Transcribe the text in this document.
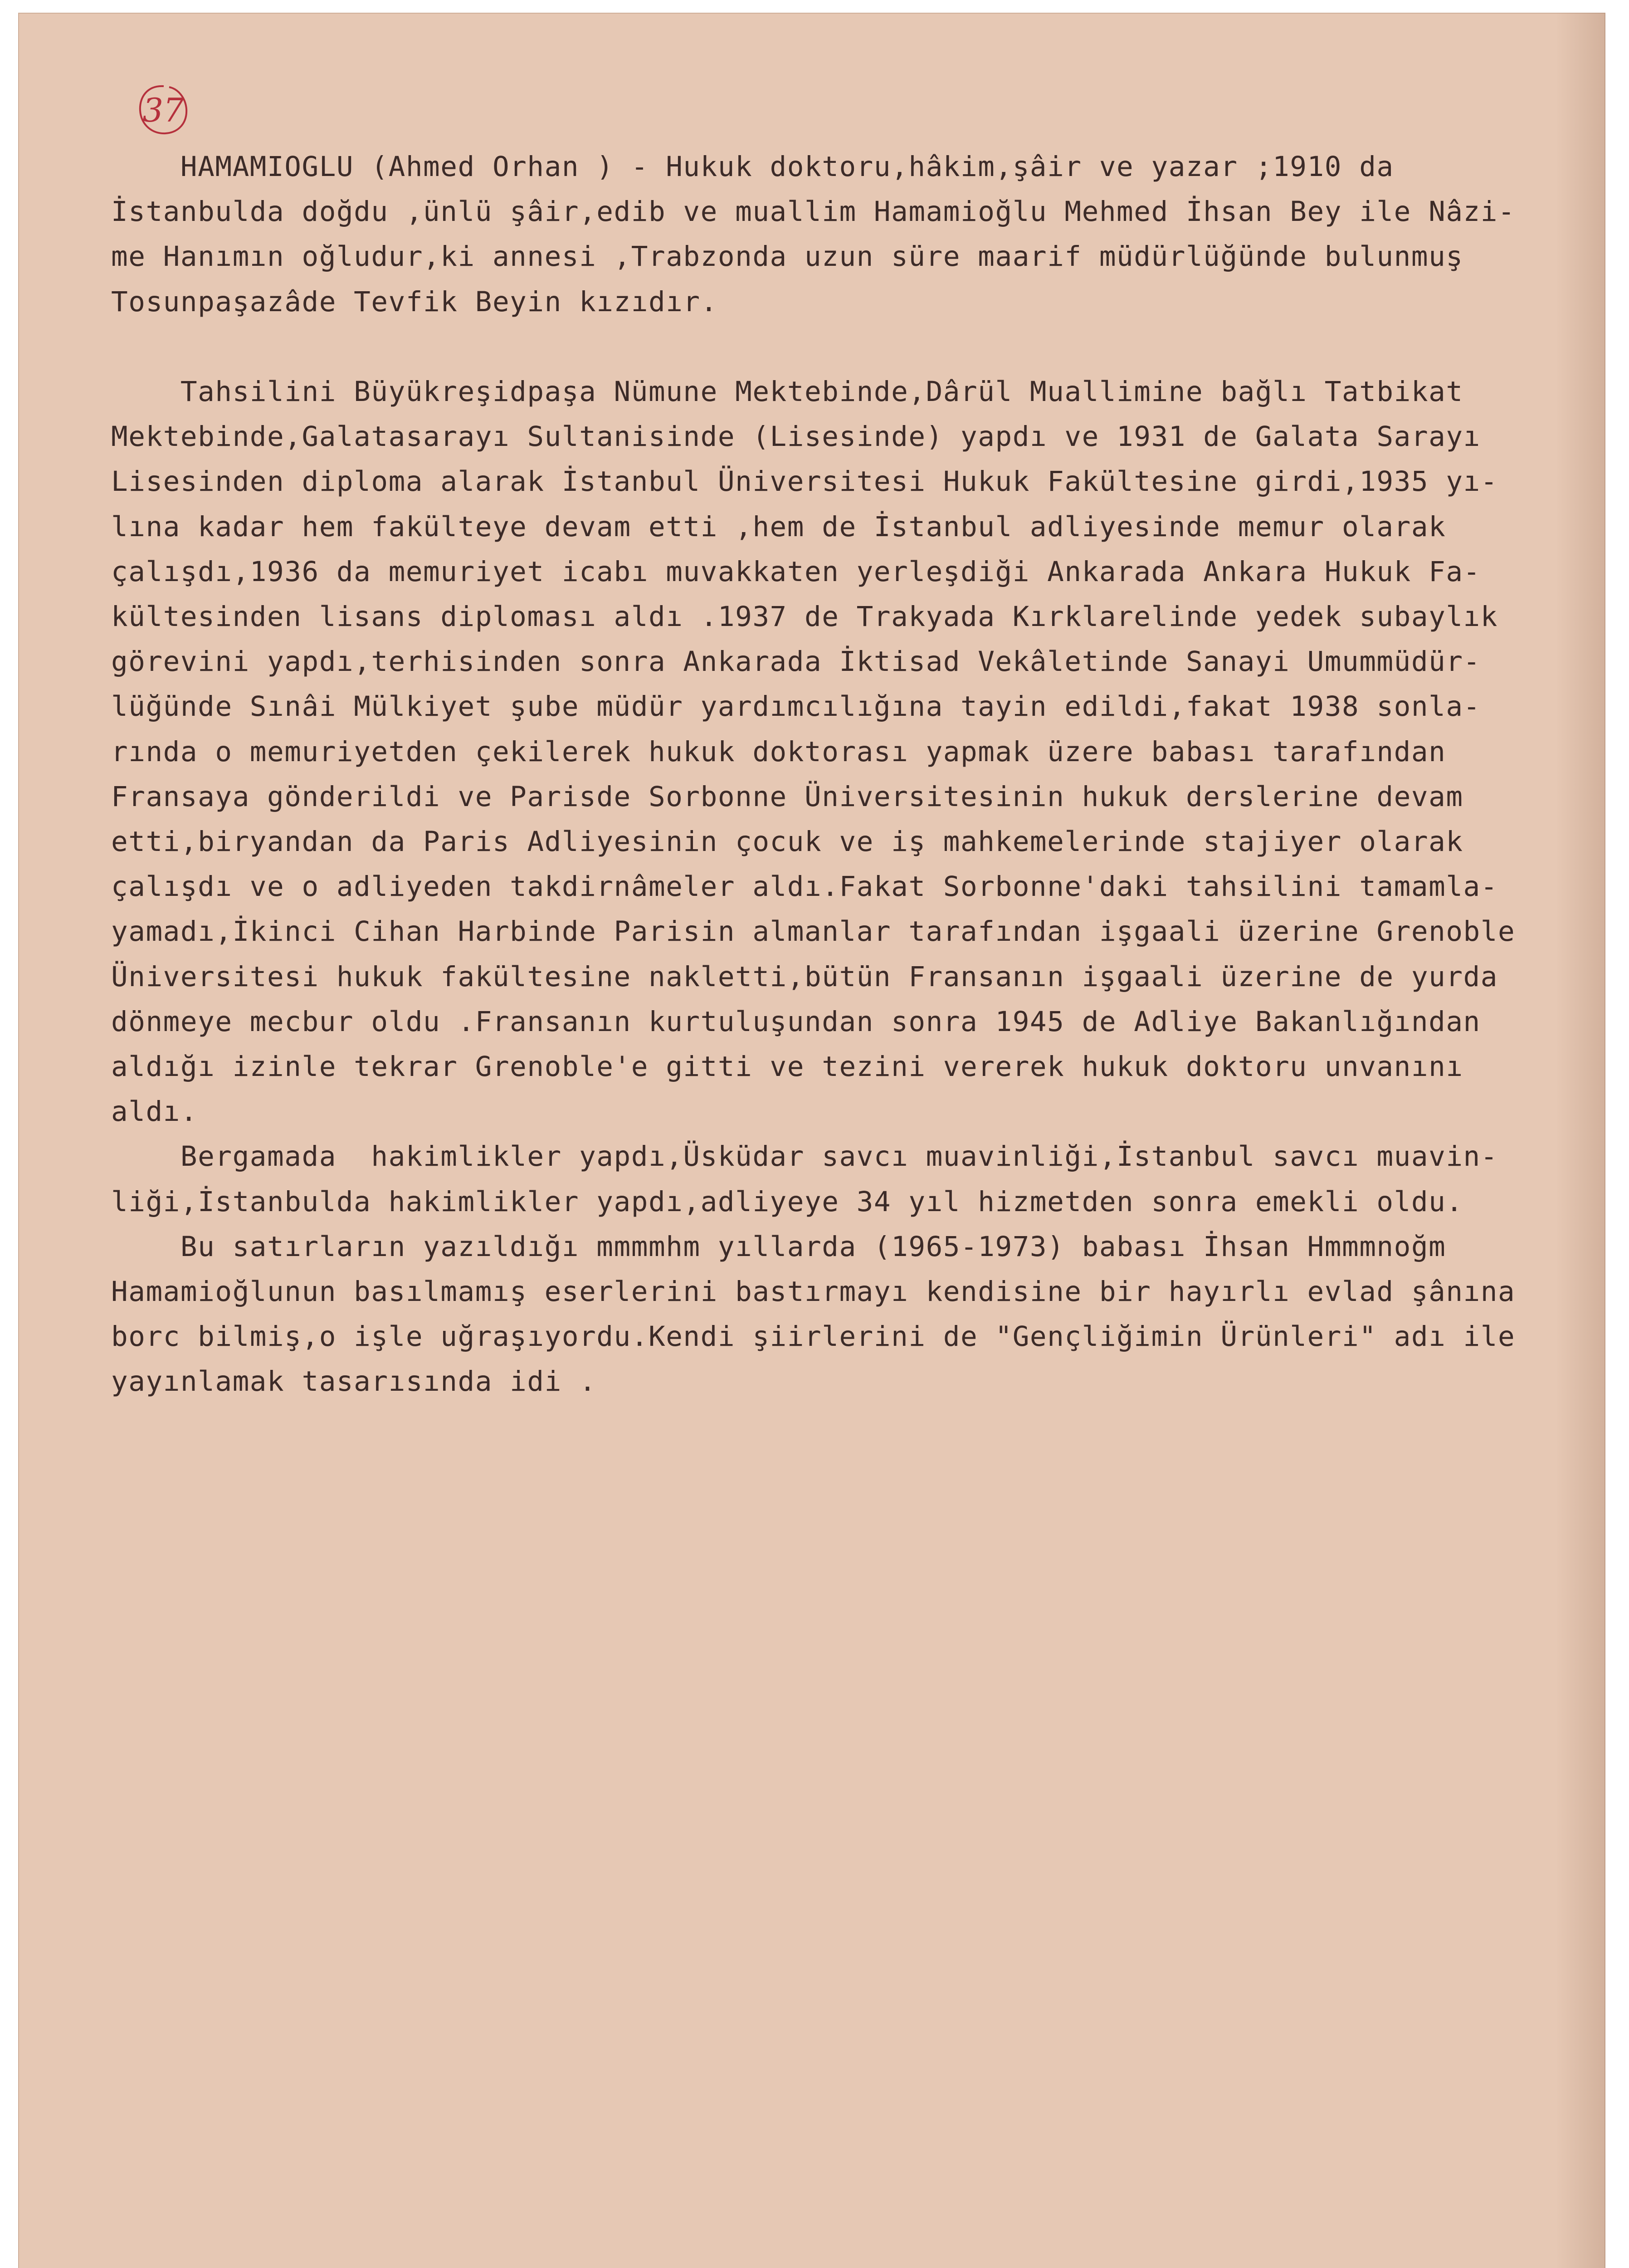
37
HAMAMIOGLU (Ahmed Orhan ) - Hukuk doktoru,hâkim,şâir ve yazar ;1910 da
İstanbulda doğdu ,ünlü şâir,edib ve muallim Hamamioğlu Mehmed İhsan Bey ile Nâzi-
me Hanımın oğludur,ki annesi ,Trabzonda uzun süre maarif müdürlüğünde bulunmuş
Tosunpaşazâde Tevfik Beyin kızıdır.
Tahsilini Büyükreşidpaşa Nümune Mektebinde,Dârül Muallimine bağlı Tatbikat
Mektebinde,Galatasarayı Sultanisinde (Lisesinde) yapdı ve 1931 de Galata Sarayı
Lisesinden diploma alarak İstanbul Üniversitesi Hukuk Fakültesine girdi,1935 yı-
lına kadar hem fakülteye devam etti ,hem de İstanbul adliyesinde memur olarak
çalışdı,1936 da memuriyet icabı muvakkaten yerleşdiği Ankarada Ankara Hukuk Fa-
kültesinden lisans diploması aldı .1937 de Trakyada Kırklarelinde yedek subaylık
görevini yapdı,terhisinden sonra Ankarada İktisad Vekâletinde Sanayi Umummüdür-
lüğünde Sınâi Mülkiyet şube müdür yardımcılığına tayin edildi,fakat 1938 sonla-
rında o memuriyetden çekilerek hukuk doktorası yapmak üzere babası tarafından
Fransaya gönderildi ve Parisde Sorbonne Üniversitesinin hukuk derslerine devam
etti,biryandan da Paris Adliyesinin çocuk ve iş mahkemelerinde stajiyer olarak
çalışdı ve o adliyeden takdirnâmeler aldı.Fakat Sorbonne'daki tahsilini tamamla-
yamadı,İkinci Cihan Harbinde Parisin almanlar tarafından işgaali üzerine Grenoble
Üniversitesi hukuk fakültesine nakletti,bütün Fransanın işgaali üzerine de yurda
dönmeye mecbur oldu .Fransanın kurtuluşundan sonra 1945 de Adliye Bakanlığından
aldığı izinle tekrar Grenoble'e gitti ve tezini vererek hukuk doktoru unvanını
aldı.
Bergamada  hakimlikler yapdı,Üsküdar savcı muavinliği,İstanbul savcı muavin-
liği,İstanbulda hakimlikler yapdı,adliyeye 34 yıl hizmetden sonra emekli oldu.
Bu satırların yazıldığı mmmmhm yıllarda (1965-1973) babası İhsan Hmmmnoğm
Hamamioğlunun basılmamış eserlerini bastırmayı kendisine bir hayırlı evlad şânına
borc bilmiş,o işle uğraşıyordu.Kendi şiirlerini de "Gençliğimin Ürünleri" adı ile
yayınlamak tasarısında idi .
